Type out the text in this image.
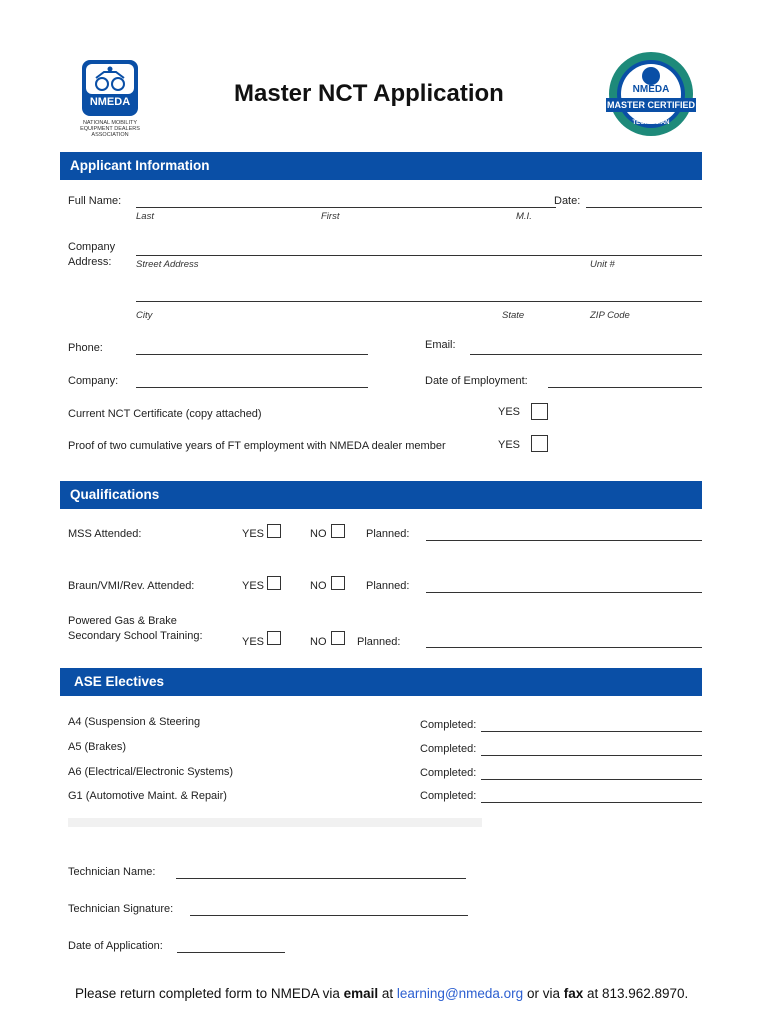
NMEDA
NATIONAL MOBILITY
EQUIPMENT DEALERS
ASSOCIATION
Master NCT Application	NMEDA
MASTER CERTIFIED
TECHNICIAN
Applicant Information
Full Name:	Date:
Last	First	M.I.
Company
Address:	Street Address	Unit #
City	State	ZIP Code
Phone:	Email:
Company:	Date of Employment:
Current NCT Certificate (copy attached)	YES
Proof of two cumulative years of FT employment with NMEDA dealer member	YES
Qualifications
MSS Attended:	YES	NO	Planned:
Braun/VMI/Rev. Attended:	YES	NO	Planned:
Powered Gas & Brake
Secondary School Training:	YES	NO	Planned:
ASE Electives
A4 (Suspension & Steering	Completed:
A5 (Brakes)	Completed:
A6 (Electrical/Electronic Systems)	Completed:
G1 (Automotive Maint. & Repair)	Completed:
Technician Name:
Technician Signature:
Date of Application:
Please return completed form to NMEDA via email at learning@nmeda.org or via fax at 813.962.8970.
